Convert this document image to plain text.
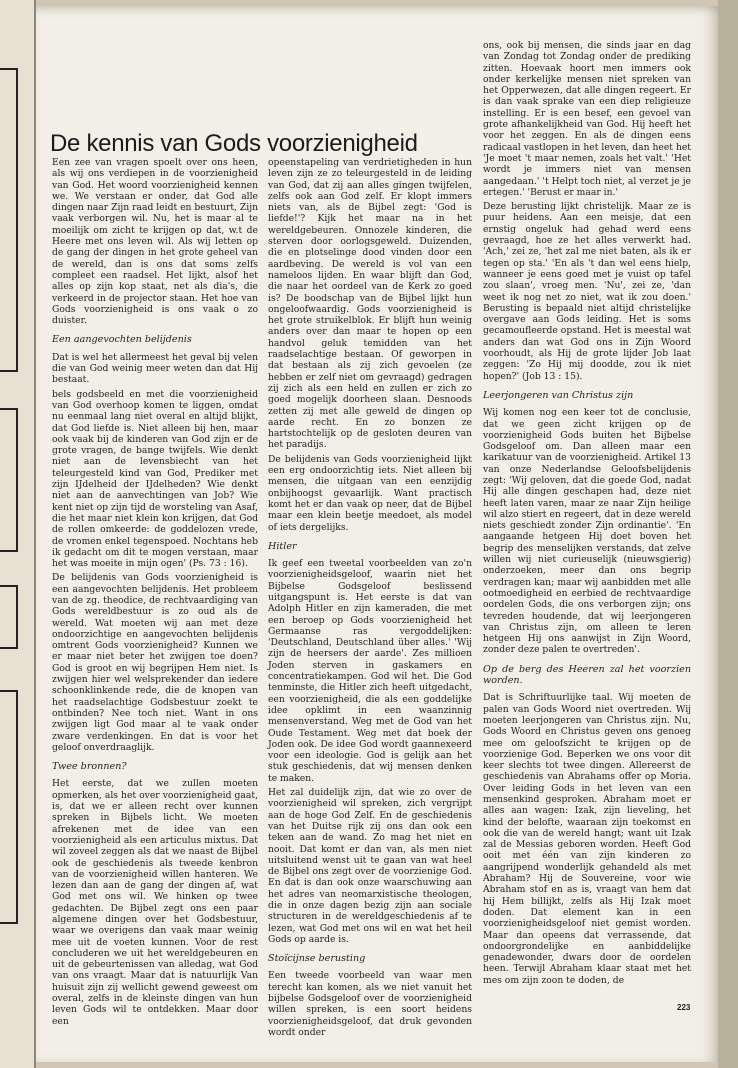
De kennis van Gods voorzienigheid

Een zee van vragen spoelt over ons heen, als wij ons verdiepen in de voorzienigheid van God. Het woord voorzienigheid kennen we. We verstaan er onder, dat God alle dingen naar Zijn raad leidt en bestuurt, Zijn vaak verborgen wil. Nu, het is maar al te moeilijk om zicht te krijgen op dat, w.t de Heere met ons leven wil. Als wij letten op de gang der dingen in het grote geheel van de wereld, dan is ons dat soms zelfs compleet een raadsel. Het lijkt, alsof het alles op zijn kop staat, net als dia's, die verkeerd in de projector staan. Het hoe van Gods voorzienigheid is ons vaak o zo duister.

Een aangevochten belijdenis

Dat is wel het allermeest het geval bij velen die van God weinig meer weten dan dat Hij bestaat.

bels godsbeeld en met die voorzienigheid van God overhoop komen te liggen, omdat nu eenmaal lang niet overal en altijd blijkt, dat God liefde is. Niet alleen bij hen, maar ook vaak bij de kinderen van God zijn er de grote vragen, de bange twijfels. Wie denkt niet aan de levensbiecht van het teleurgesteld kind van God, Prediker met zijn IJdelheid der IJdelheden? Wie denkt niet aan de aanvechtingen van Job? Wie kent niet op zijn tijd de worsteling van Asaf, die het maar niet klein kon krijgen, dat God de rollen omkeerde: de goddelozen vrede, de vromen enkel tegenspoed. Nochtans heb ik gedacht om dit te mogen verstaan, maar het was moeite in mijn ogen' (Ps. 73 : 16).

De belijdenis van Gods voorzienigheid is een aangevochten belijdenis. Het probleem van de zg. theodice, de rechtvaardiging van Gods wereldbestuur is zo oud als de wereld. Wat moeten wij aan met deze ondoorzichtige en aangevochten belijdenis omtrent Gods voorzienigheid? Kunnen we er maar niet beter het zwijgen toe doen? God is groot en wij begrijpen Hem niet. Is zwijgen hier wel welsprekender dan iedere schoonklinkende rede, die de knopen van het raadselachtige Godsbestuur zoekt te ontbinden? Nee toch niet. Want in ons zwijgen ligt God maar al te vaak onder zware verdenkingen. En dat is voor het geloof onverdraaglijk.

Twee bronnen?

Het eerste, dat we zullen moeten opmerken, als het over voorzienigheid gaat, is, dat we er alleen recht over kunnen spreken in Bijbels licht. We moeten afrekenen met de idee van een voorzienigheid als een articulus mixtus. Dat wil zoveel zeggen als dat we naast de Bijbel ook de geschiedenis als tweede kenbron van de voorzienigheid willen hanteren. We lezen dan aan de gang der dingen af, wat God met ons wil. We hinken op twee gedachten. De Bijbel zegt ons een paar algemene dingen over het Godsbestuur, waar we overigens dan vaak maar weinig mee uit de voeten kunnen. Voor de rest concluderen we uit het wereldgebeuren en uit de gebeurtenissen van alledag, wat God van ons vraagt. Maar dat is natuurlijk Van huisuit zijn zij wellicht gewend geweest om overal, zelfs in de kleinste dingen van hun leven Gods wil te ontdekken. Maar door een

opeenstapeling van verdrietigheden in hun leven zijn ze zo teleurgesteld in de leiding van God, dat zij aan alles gingen twijfelen, zelfs ook aan God zelf. Er klopt immers niets van, als de Bijbel zegt: 'God is liefde!'? Kijk het maar na in het wereldgebeuren. Onnozele kinderen, die sterven door oorlogsgeweld. Duizenden, die en plotselinge dood vinden door een aardbeving. De wereld is vol van een nameloos lijden. En waar blijft dan God, die naar het oordeel van de Kerk zo goed is? De boodschap van de Bijbel lijkt hun ongeloofwaardig. Gods voorzienigheid is het grote struikelblok. Er blijft hun weinig anders over dan maar te hopen op een handvol geluk temidden van het raadselachtige bestaan. Of geworpen in dat bestaan als zij zich gevoelen (ze hebben er zelf niet om gevraagd) gedragen zij zich als een held en zullen er zich zo goed mogelijk doorheen slaan. Desnoods zetten zij met alle geweld de dingen op aarde recht. En zo bonzen ze hartstochtelijk op de gesloten deuren van het paradijs.

De belijdenis van Gods voorzienigheid lijkt een erg ondoorzichtig iets. Niet alleen bij mensen, die uitgaan van een eenzijdig onbijhoogst gevaarlijk. Want practisch komt het er dan vaak op neer, dat de Bijbel maar een klein beetje meedoet, als model of iets dergelijks.

Hitler

Ik geef een tweetal voorbeelden van zo'n voorzienigheidsgeloof, waarin niet het Bijbelse Godsgeloof beslissend uitgangspunt is. Het eerste is dat van Adolph Hitler en zijn kameraden, die met een beroep op Gods voorzienigheid het Germaanse ras vergoddelijken: 'Deutschland, Deutschland über alles.' 'Wij zijn de heersers der aarde'. Zes millioen Joden sterven in gaskamers en concentratiekampen. God wil het. Die God tenminste, die Hitler zich heeft uitgedacht, een voorzienigheid, die als een goddelijke idee opklimt in een waanzinnig mensenverstand. Weg met de God van het Oude Testament. Weg met dat boek der Joden ook. De idee God wordt gaannexeerd voor een ideologie. God is gelijk aan het stuk geschiedenis, dat wij mensen denken te maken.

Het zal duidelijk zijn, dat wie zo over de voorzienigheid wil spreken, zich vergrijpt aan de hoge God Zelf. En de geschiedenis van het Duitse rijk zij ons dan ook een teken aan de wand. Zo mag het niet en nooit. Dat komt er dan van, als men niet uitsluitend wenst uit te gaan van wat heel de Bijbel ons zegt over de voorzienige God. En dat is dan ook onze waarschuwing aan het adres van neomarxistische theologen, die in onze dagen bezig zijn aan sociale structuren in de wereldgeschiedenis af te lezen, wat God met ons wil en wat het heil Gods op aarde is.

Stoïcijnse berusting

Een tweede voorbeeld van waar men terecht kan komen, als we niet vanuit het bijbelse Godsgeloof over de voorzienigheid willen spreken, is een soort heidens voorzienigheidsgeloof, dat druk gevonden wordt onder

ons, ook bij mensen, die sinds jaar en dag van Zondag tot Zondag onder de prediking zitten. Hoevaak hoort men immers ook onder kerkelijke mensen niet spreken van het Opperwezen, dat alle dingen regeert. Er is dan vaak sprake van een diep religieuze instelling. Er is een besef, een gevoel van grote afhankelijkheid van God. Hij heeft het voor het zeggen. En als de dingen eens radicaal vastlopen in het leven, dan heet het 'Je moet 't maar nemen, zoals het valt.' 'Het wordt je immers niet van mensen aangedaan.' 't Helpt toch niet, al verzet je je ertegen.' 'Berust er maar in.'

Deze berusting lijkt christelijk. Maar ze is puur heidens. Aan een meisje, dat een ernstig ongeluk had gehad werd eens gevraagd, hoe ze het alles verwerkt had. 'Ach,' zei ze, 'het zal me niet baten, als ik er tegen op sta.' 'En als 't dan wel eens hielp, wanneer je eens goed met je vuist op tafel zou slaan', vroeg men. 'Nu', zei ze, 'dan weet ik nog net zo niet, wat ik zou doen.' Berusting is bepaald niet altijd christelijke overgave aan Gods leiding. Het is soms gecamoufleerde opstand. Het is meestal wat anders dan wat God ons in Zijn Woord voorhoudt, als Hij de grote lijder Job laat zeggen: 'Zo Hij mij doodde, zou ik niet hopen?' (Job 13 : 15).

Leerjongeren van Christus zijn

Wij komen nog een keer tot de conclusie, dat we geen zicht krijgen op de voorzienigheid Gods buiten het Bijbelse Godsgeloof om. Dan alleen maar een karikatuur van de voorzienigheid. Artikel 13 van onze Nederlandse Geloofsbelijdenis zegt: 'Wij geloven, dat die goede God, nadat Hij alle dingen geschapen had, deze niet heeft laten varen, maar ze naar Zijn heilige wil alzo stiert en regeert, dat in deze wereld niets geschiedt zonder Zijn ordinantie'. 'En aangaande hetgeen Hij doet boven het begrip des menselijken verstands, dat zelve willen wij niet curieuselijk (nieuwsgierig) onderzoeken, meer dan ons begrip verdragen kan; maar wij aanbidden met alle ootmoedigheid en eerbied de rechtvaardige oordelen Gods, die ons verborgen zijn; ons tevreden houdende, dat wij leerjongeren van Christus zijn, om alleen te leren hetgeen Hij ons aanwijst in Zijn Woord, zonder deze palen te overtreden'.

Op de berg des Heeren zal het voorzien worden.

Dat is Schriftuurlijke taal. Wij moeten de palen van Gods Woord niet overtreden. Wij moeten leerjongeren van Christus zijn. Nu, Gods Woord en Christus geven ons genoeg mee om geloofszicht te krijgen op de voorzienige God. Beperken we ons voor dit keer slechts tot twee dingen. Allereerst de geschiedenis van Abrahams offer op Moria. Over leiding Gods in het leven van een mensenkind gesproken. Abraham moet er alles aan wagen: Izak, zijn lieveling, het kind der belofte, waaraan zijn toekomst en ook die van de wereld hangt; want uit Izak zal de Messias geboren worden. Heeft God ooit met één van zijn kinderen zo aangrijpend wonderlijk gehandeld als met Abraham? Hij de Souvereine, voor wie Abraham stof en as is, vraagt van hem dat hij Hem billijkt, zelfs als Hij Izak moet doden. Dat element kan in een voorzienigheidsgeloof niet gemist worden. Maar dan opeens dat verrassende, dat ondoorgrondelijke en aanbiddelijke genadewonder, dwars door de oordelen heen. Terwijl Abraham klaar staat met het mes om zijn zoon te doden, de

223
